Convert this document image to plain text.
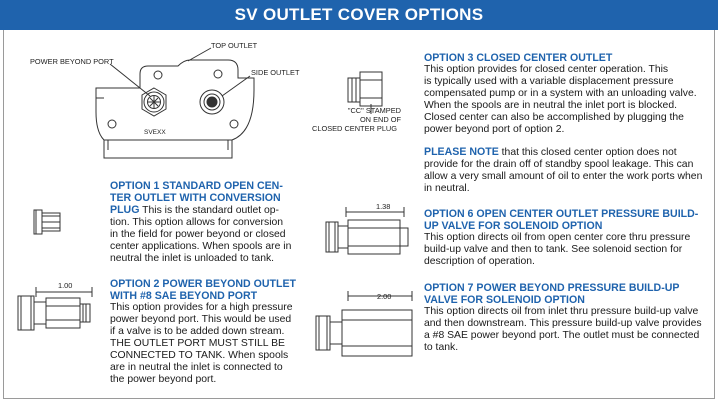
SV OUTLET COVER OPTIONS
TOP OUTLET
POWER BEYOND PORT
SIDE OUTLET
SVEXX
"CC" STAMPED
ON END OF
CLOSED CENTER PLUG
1.00
1.38
2.00
OPTION 1 STANDARD OPEN CEN-
TER OUTLET WITH CONVERSION
PLUG This is the standard outlet op-
tion. This option allows for conversion
in the field for power beyond or closed
center applications. When spools are in
neutral the inlet is unloaded to tank.
OPTION 2 POWER BEYOND OUTLET
WITH #8 SAE BEYOND PORT
This option provides for a high pressure
power beyond port. This would be used
if a valve is to be added down stream.
THE OUTLET PORT MUST STILL BE
CONNECTED TO TANK. When spools
are in neutral the inlet is connected to
the power beyond port.
OPTION 3 CLOSED CENTER OUTLET
This option provides for closed center operation. This
is typically used with a variable displacement pressure
compensated pump or in a system with an unloading valve.
When the spools are in neutral the inlet port is blocked.
Closed center can also be accomplished by plugging the
power beyond port of option 2.
PLEASE NOTE that this closed center option does not
provide for the drain off of standby spool leakage. This can
allow a very small amount of oil to enter the work ports when
in neutral.
OPTION 6 OPEN CENTER OUTLET PRESSURE BUILD-
UP VALVE FOR SOLENOID OPTION
This option directs oil from open center core thru pressure
build-up valve and then to tank. See solenoid section for
description of operation.
OPTION 7 POWER BEYOND PRESSURE BUILD-UP
VALVE FOR SOLENOID OPTION
This option directs oil from inlet thru pressure build-up valve
and then downstream. This pressure build-up valve provides
a #8 SAE power beyond port. The outlet must be connected
to tank.
